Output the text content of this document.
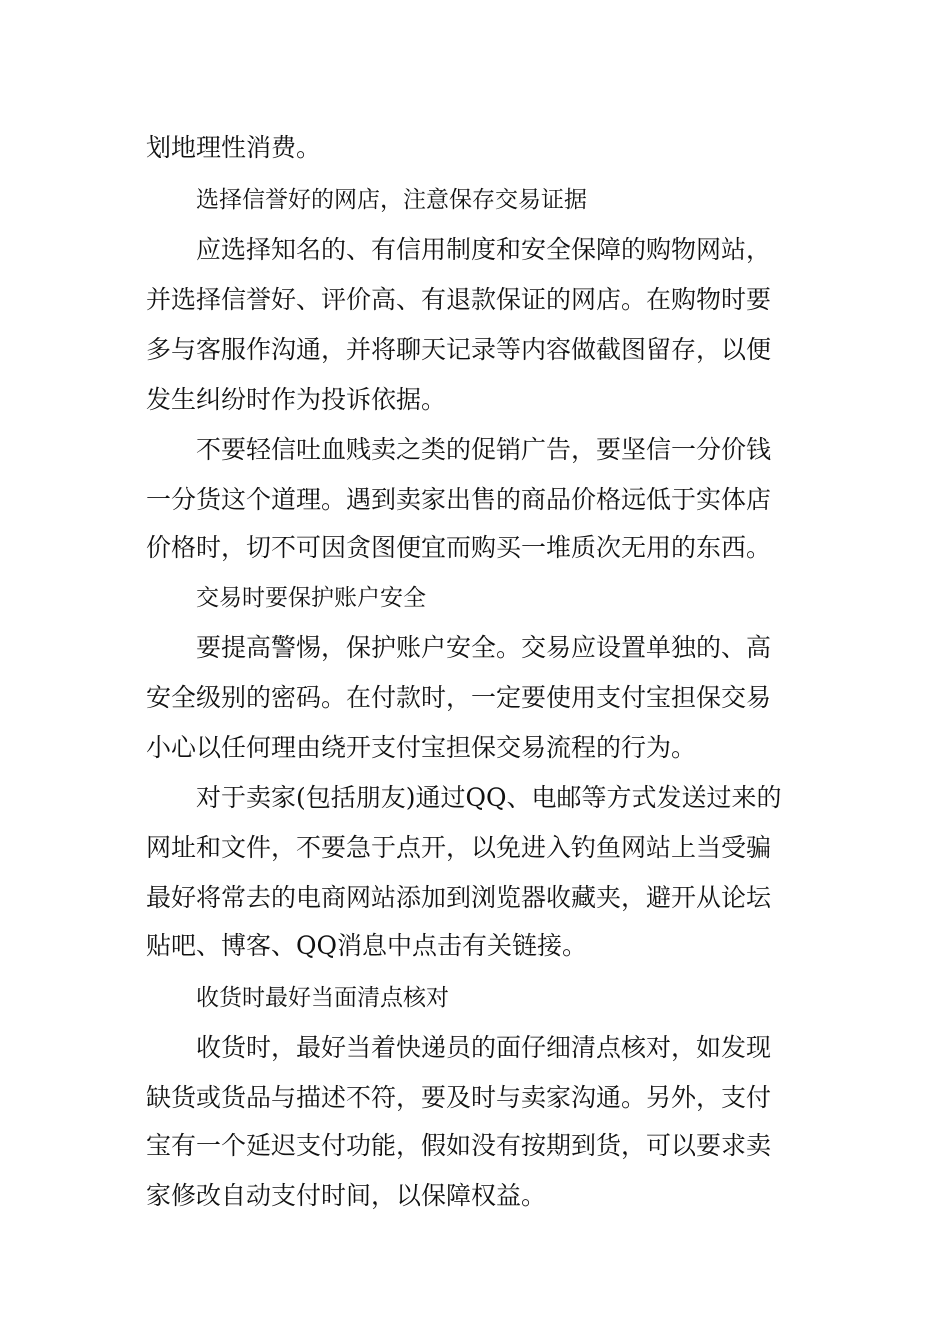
划地理性消费。

选择信誉好的网店，注意保存交易证据

应选择知名的、有信用制度和安全保障的购物网站，

并选择信誉好、评价高、有退款保证的网店。在购物时要

多与客服作沟通，并将聊天记录等内容做截图留存，以便

发生纠纷时作为投诉依据。

不要轻信吐血贱卖之类的促销广告，要坚信一分价钱

一分货这个道理。遇到卖家出售的商品价格远低于实体店

价格时，切不可因贪图便宜而购买一堆质次无用的东西。

交易时要保护账户安全

要提高警惕，保护账户安全。交易应设置单独的、高

安全级别的密码。在付款时，一定要使用支付宝担保交易

小心以任何理由绕开支付宝担保交易流程的行为。

对于卖家(包括朋友)通过QQ、电邮等方式发送过来的

网址和文件，不要急于点开，以免进入钓鱼网站上当受骗

最好将常去的电商网站添加到浏览器收藏夹，避开从论坛

贴吧、博客、QQ消息中点击有关链接。

收货时最好当面清点核对

收货时，最好当着快递员的面仔细清点核对，如发现

缺货或货品与描述不符，要及时与卖家沟通。另外，支付

宝有一个延迟支付功能，假如没有按期到货，可以要求卖

家修改自动支付时间，以保障权益。
